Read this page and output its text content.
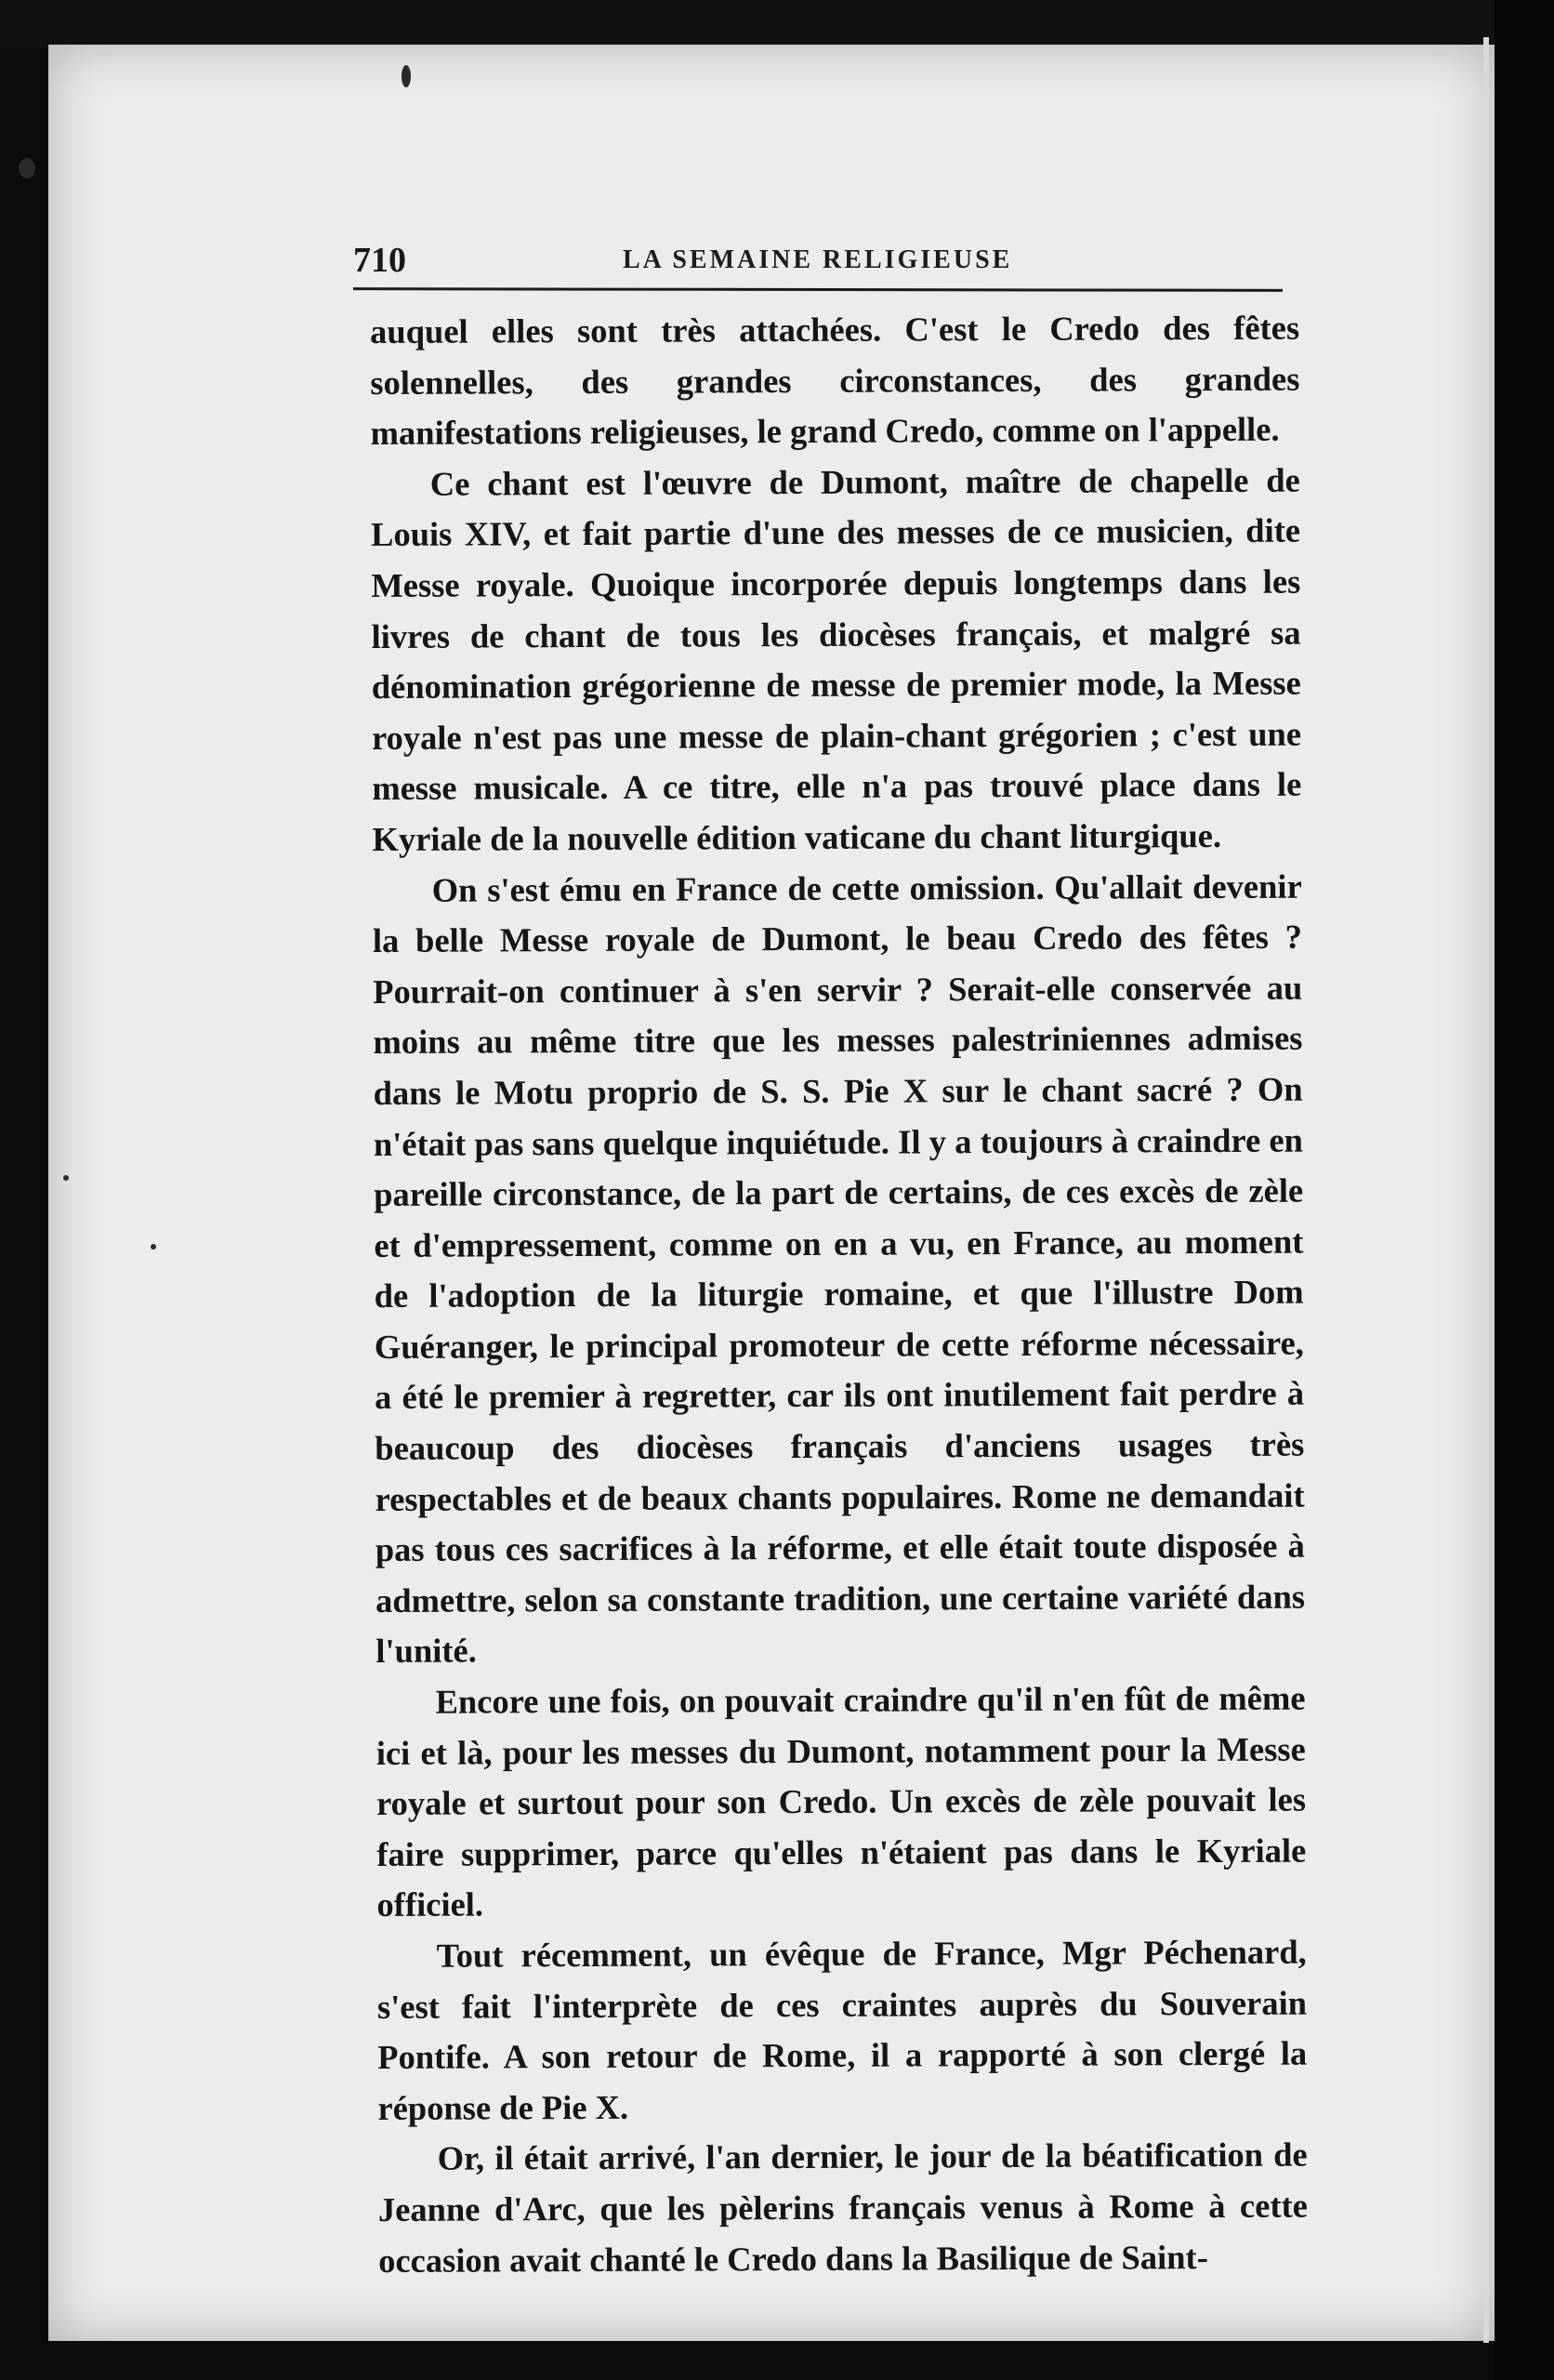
710	LA SEMAINE RELIGIEUSE

auquel elles sont très attachées. C'est le Credo des fêtes solennelles, des grandes circonstances, des grandes manifestations religieuses, le grand Credo, comme on l'appelle.

Ce chant est l'œuvre de Dumont, maître de chapelle de Louis XIV, et fait partie d'une des messes de ce musicien, dite Messe royale. Quoique incorporée depuis longtemps dans les livres de chant de tous les diocèses français, et malgré sa dénomination grégorienne de messe de premier mode, la Messe royale n'est pas une messe de plain-chant grégorien ; c'est une messe musicale. A ce titre, elle n'a pas trouvé place dans le Kyriale de la nouvelle édition vaticane du chant liturgique.

On s'est ému en France de cette omission. Qu'allait devenir la belle Messe royale de Dumont, le beau Credo des fêtes ? Pourrait-on continuer à s'en servir ? Serait-elle conservée au moins au même titre que les messes palestriniennes admises dans le Motu proprio de S. S. Pie X sur le chant sacré ? On n'était pas sans quelque inquiétude. Il y a toujours à craindre en pareille circonstance, de la part de certains, de ces excès de zèle et d'empressement, comme on en a vu, en France, au moment de l'adoption de la liturgie romaine, et que l'illustre Dom Guéranger, le principal promoteur de cette réforme nécessaire, a été le premier à regretter, car ils ont inutilement fait perdre à beaucoup des diocèses français d'anciens usages très respectables et de beaux chants populaires. Rome ne demandait pas tous ces sacrifices à la réforme, et elle était toute disposée à admettre, selon sa constante tradition, une certaine variété dans l'unité.

Encore une fois, on pouvait craindre qu'il n'en fût de même ici et là, pour les messes du Dumont, notamment pour la Messe royale et surtout pour son Credo. Un excès de zèle pouvait les faire supprimer, parce qu'elles n'étaient pas dans le Kyriale officiel.

Tout récemment, un évêque de France, Mgr Péchenard, s'est fait l'interprète de ces craintes auprès du Souverain Pontife. A son retour de Rome, il a rapporté à son clergé la réponse de Pie X.

Or, il était arrivé, l'an dernier, le jour de la béatification de Jeanne d'Arc, que les pèlerins français venus à Rome à cette occasion avait chanté le Credo dans la Basilique de Saint-
